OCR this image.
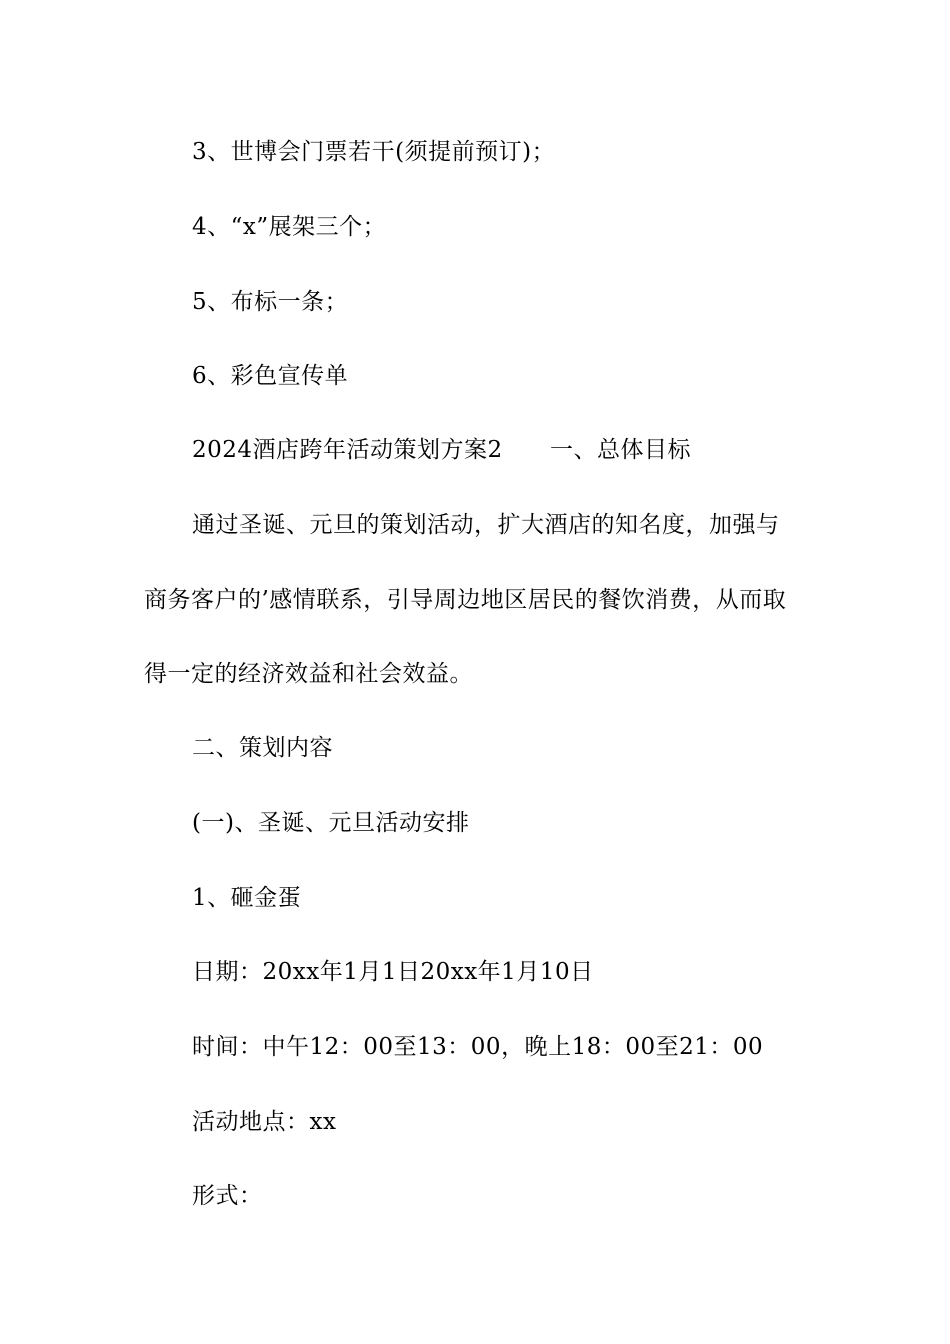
3、世博会门票若干(须提前预订)；
4、“x”展架三个；
5、布标一条；
6、彩色宣传单
2024酒店跨年活动策划方案2 一、总体目标
通过圣诞、元旦的策划活动，扩大酒店的知名度，加强与
商务客户的’感情联系，引导周边地区居民的餐饮消费，从而取
得一定的经济效益和社会效益。
二、策划内容
(一)、圣诞、元旦活动安排
1、砸金蛋
日期：20xx年1月1日20xx年1月10日
时间：中午12：00至13：00，晚上18：00至21：00
活动地点：xx
形式：
